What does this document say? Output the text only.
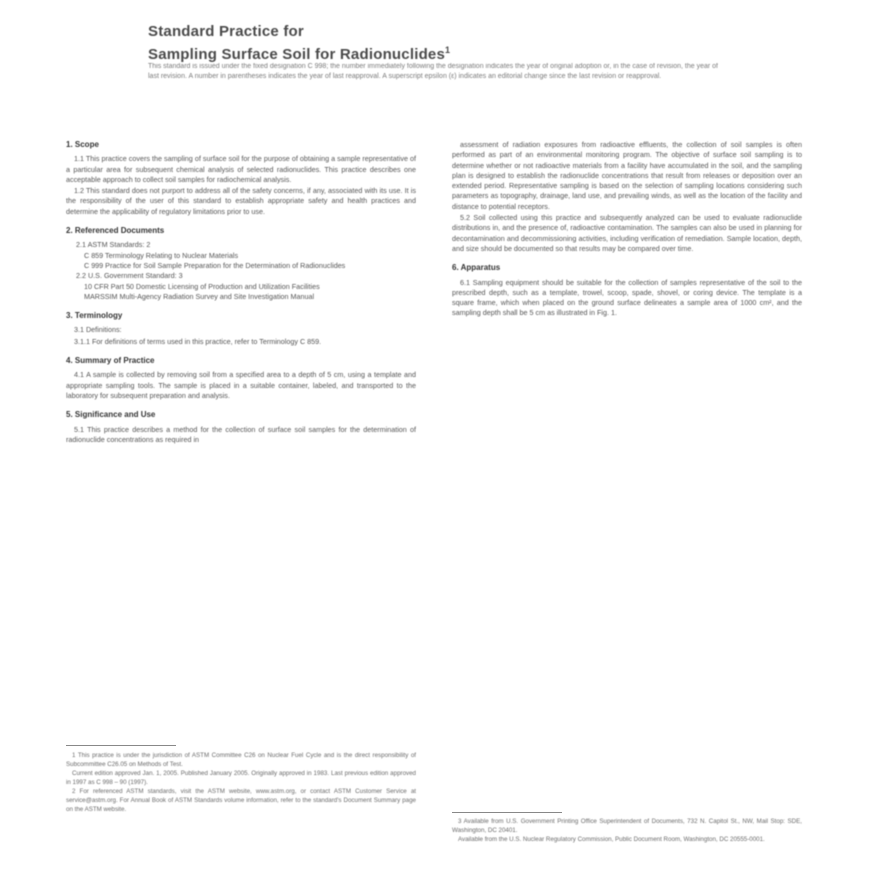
Standard Practice for
Sampling Surface Soil for Radionuclides$^1$
This standard is issued under the fixed designation C 998; the number immediately following the designation indicates the year of original adoption or, in the case of revision, the year of last revision. A number in parentheses indicates the year of last reapproval. A superscript epsilon (ε) indicates an editorial change since the last revision or reapproval.
1. Scope

1.1 This practice covers the sampling of surface soil for the purpose of obtaining a sample representative of a particular area for subsequent chemical analysis of selected radionuclides. This practice describes one acceptable approach to collect soil samples for radiochemical analysis.

1.2 This standard does not purport to address all of the safety concerns, if any, associated with its use. It is the responsibility of the user of this standard to establish appropriate safety and health practices and determine the applicability of regulatory limitations prior to use.

2. Referenced Documents
2.1 ASTM Standards: 2
C 859 Terminology Relating to Nuclear Materials
C 999 Practice for Soil Sample Preparation for the Determination of Radionuclides
2.2 U.S. Government Standard: 3
10 CFR Part 50 Domestic Licensing of Production and Utilization Facilities
MARSSIM Multi-Agency Radiation Survey and Site Investigation Manual
3. Terminology

3.1 Definitions:

3.1.1 For definitions of terms used in this practice, refer to Terminology C 859.

4. Summary of Practice

4.1 A sample is collected by removing soil from a specified area to a depth of 5 cm, using a template and appropriate sampling tools. The sample is placed in a suitable container, labeled, and transported to the laboratory for subsequent preparation and analysis.

5. Significance and Use

5.1 This practice describes a method for the collection of surface soil samples for the determination of radionuclide concentrations as required in

assessment of radiation exposures from radioactive effluents, the collection of soil samples is often performed as part of an environmental monitoring program. The objective of surface soil sampling is to determine whether or not radioactive materials from a facility have accumulated in the soil, and the sampling plan is designed to establish the radionuclide concentrations that result from releases or deposition over an extended period. Representative sampling is based on the selection of sampling locations considering such parameters as topography, drainage, land use, and prevailing winds, as well as the location of the facility and distance to potential receptors.

5.2 Soil collected using this practice and subsequently analyzed can be used to evaluate radionuclide distributions in, and the presence of, radioactive contamination. The samples can also be used in planning for decontamination and decommissioning activities, including verification of remediation. Sample location, depth, and size should be documented so that results may be compared over time.

6. Apparatus

6.1 Sampling equipment should be suitable for the collection of samples representative of the soil to the prescribed depth, such as a template, trowel, scoop, spade, shovel, or coring device. The template is a square frame, which when placed on the ground surface delineates a sample area of 1000 cm², and the sampling depth shall be 5 cm as illustrated in Fig. 1.

1 This practice is under the jurisdiction of ASTM Committee C26 on Nuclear Fuel Cycle and is the direct responsibility of Subcommittee C26.05 on Methods of Test.

Current edition approved Jan. 1, 2005. Published January 2005. Originally approved in 1983. Last previous edition approved in 1997 as C 998 – 90 (1997).

2 For referenced ASTM standards, visit the ASTM website, www.astm.org, or contact ASTM Customer Service at service@astm.org. For Annual Book of ASTM Standards volume information, refer to the standard's Document Summary page on the ASTM website.

3 Available from U.S. Government Printing Office Superintendent of Documents, 732 N. Capitol St., NW, Mail Stop: SDE, Washington, DC 20401.

Available from the U.S. Nuclear Regulatory Commission, Public Document Room, Washington, DC 20555-0001.
